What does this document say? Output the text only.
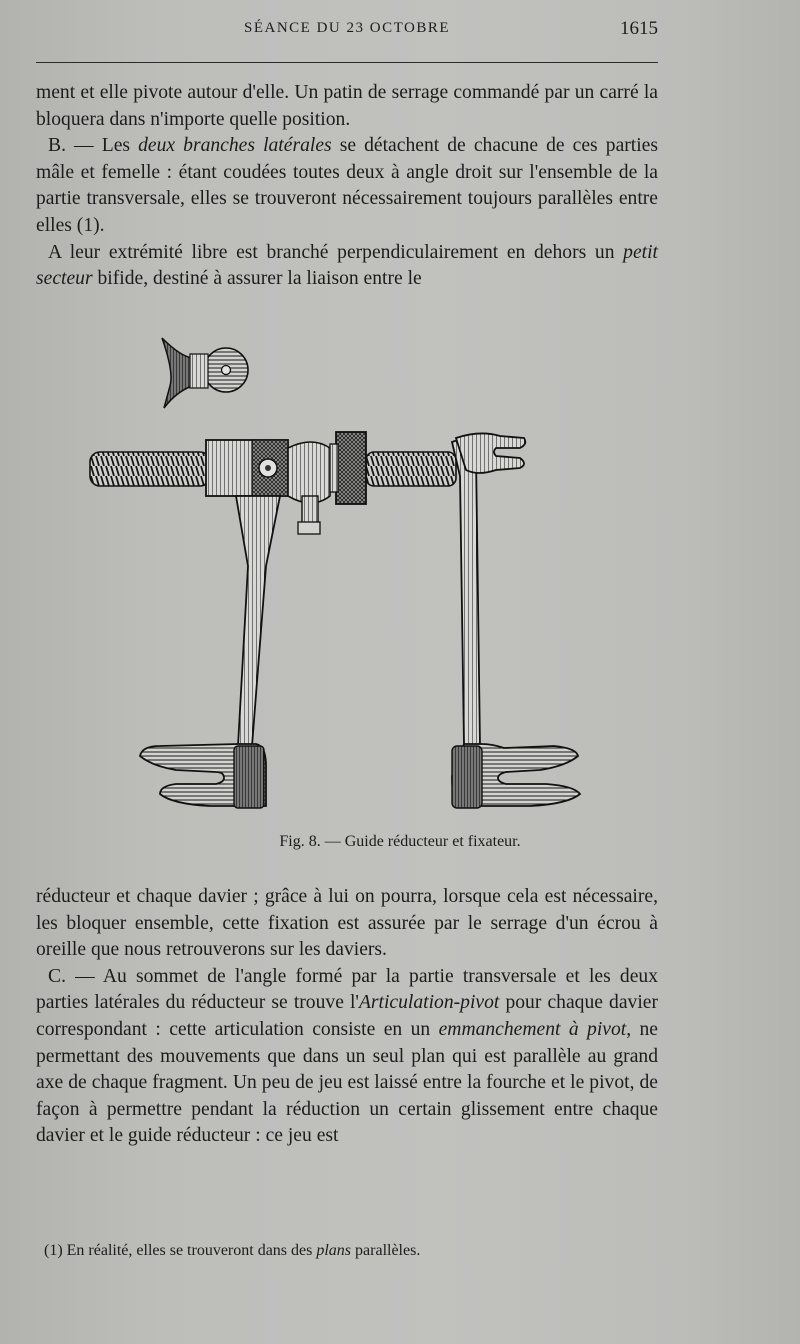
SÉANCE DU 23 OCTOBRE	1615

ment et elle pivote autour d'elle. Un patin de serrage commandé par un carré la bloquera dans n'importe quelle position.

B. — Les deux branches latérales se détachent de chacune de ces parties mâle et femelle : étant coudées toutes deux à angle droit sur l'ensemble de la partie transversale, elles se trouveront nécessairement toujours parallèles entre elles (1).

A leur extrémité libre est branché perpendiculairement en dehors un petit secteur bifide, destiné à assurer la liaison entre le

Fig. 8. — Guide réducteur et fixateur.

réducteur et chaque davier ; grâce à lui on pourra, lorsque cela est nécessaire, les bloquer ensemble, cette fixation est assurée par le serrage d'un écrou à oreille que nous retrouverons sur les daviers.

C. — Au sommet de l'angle formé par la partie transversale et les deux parties latérales du réducteur se trouve l'Articulation-pivot pour chaque davier correspondant : cette articulation consiste en un emmanchement à pivot, ne permettant des mouvements que dans un seul plan qui est parallèle au grand axe de chaque fragment. Un peu de jeu est laissé entre la fourche et le pivot, de façon à permettre pendant la réduction un certain glissement entre chaque davier et le guide réducteur : ce jeu est

(1) En réalité, elles se trouveront dans des plans parallèles.
